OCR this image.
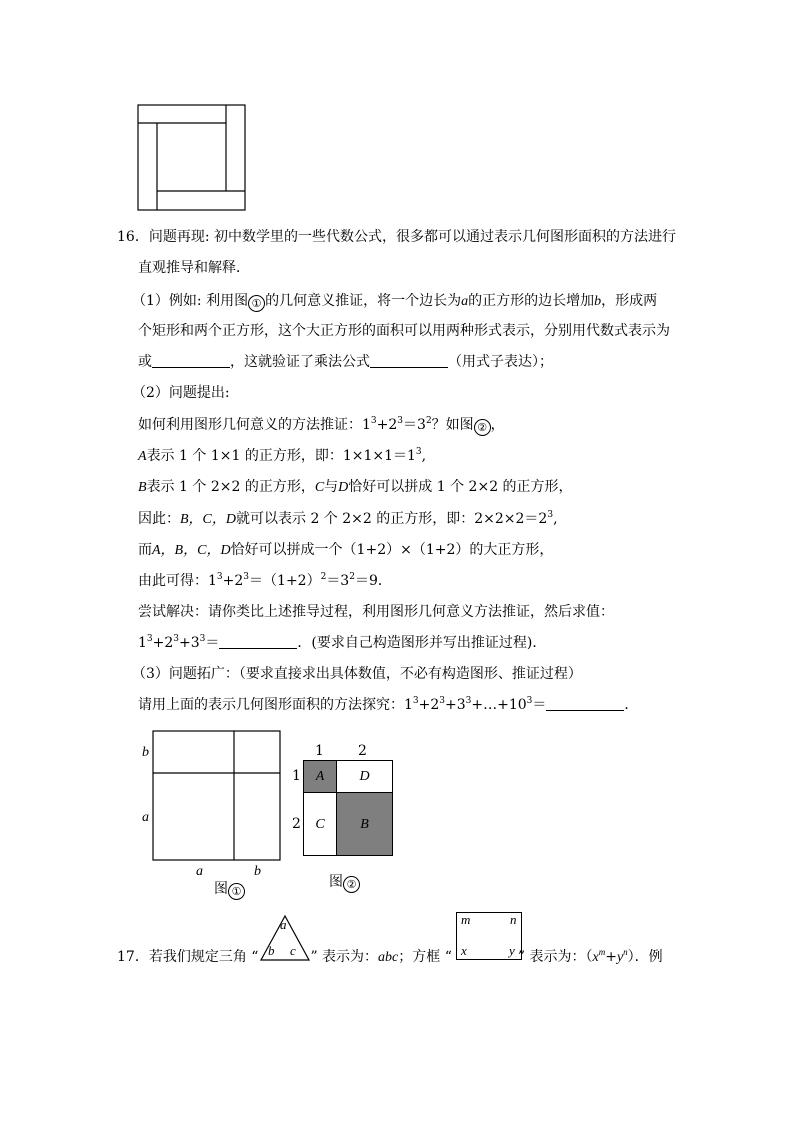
16．问题再现: 初中数学里的一些代数公式，很多都可以通过表示几何图形面积的方法进行
直观推导和解释．
（1）例如: 利用图 ① 的几何意义推证，将一个边长为a的正方形的边长增加b，形成两
个矩形和两个正方形，这个大正方形的面积可以用两种形式表示，分别用代数式表示为
或	，这就验证了乘法公式	（用式子表达）；
（2）问题提出:
如何利用图形几何意义的方法推证：$1^3+2^3=3^2$？如图 ② ，
A表示 1 个 1×1 的正方形，即：$1\times 1\times 1=1^3$,
B表示 1 个 2×2 的正方形，C与D恰好可以拼成 1 个 2×2 的正方形，
因此：B，C，D就可以表示 2 个 2×2 的正方形，即：$2\times 2\times 2=2^3$,
而A，B，C，D恰好可以拼成一个（1+2）×（1+2）的大正方形，
由此可得：$1^3+2^3=(1+2)^2=3^2=9$．
尝试解决：请你类比上述推导过程，利用图形几何意义方法推证，然后求值：
$1^3+2^3+3^3=$	．(要求自己构造图形并写出推证过程)．
（3）问题拓广：（要求直接求出具体数值，不必有构造图形、推证过程）
请用上面的表示几何图形面积的方法探究：$1^3+2^3+3^3+\dots+10^3=$	．
b
a
a	b
图 ①
1 2
1
2
A	D
C	B
图 ②
17．若我们规定三角 “	” 表示为：abc；方框 “	” 表示为：$(x^m+y^n)$．例
a
b c
m	n
x	y
